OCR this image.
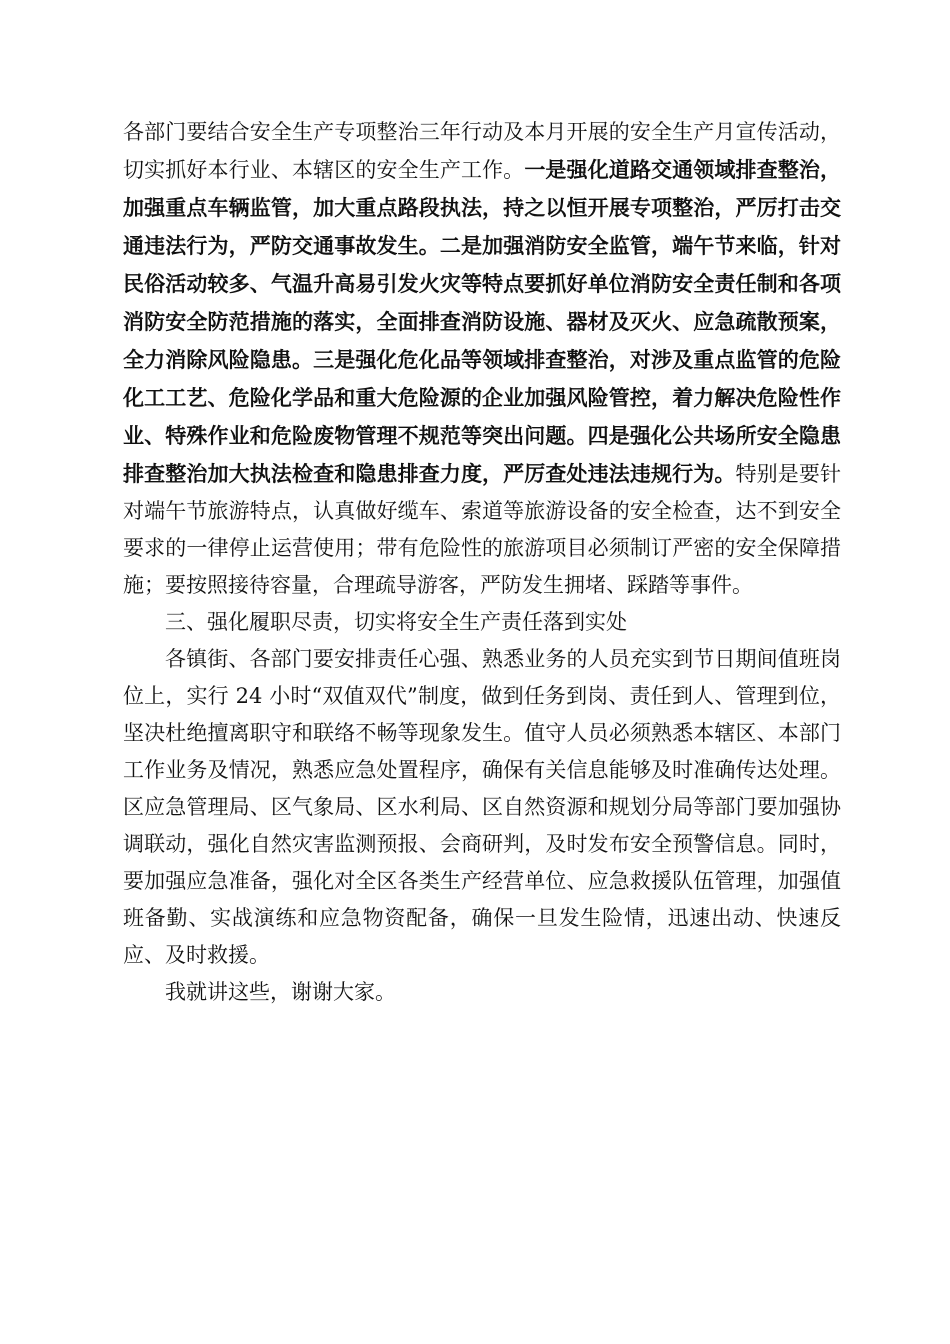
各部门要结合安全生产专项整治三年行动及本月开展的安全生产月宣传活动，切实抓好本行业、本辖区的安全生产工作。一是强化道路交通领域排查整治，加强重点车辆监管，加大重点路段执法，持之以恒开展专项整治，严厉打击交通违法行为，严防交通事故发生。二是加强消防安全监管，端午节来临，针对民俗活动较多、气温升高易引发火灾等特点要抓好单位消防安全责任制和各项消防安全防范措施的落实，全面排查消防设施、器材及灭火、应急疏散预案，全力消除风险隐患。三是强化危化品等领域排查整治，对涉及重点监管的危险化工工艺、危险化学品和重大危险源的企业加强风险管控，着力解决危险性作业、特殊作业和危险废物管理不规范等突出问题。四是强化公共场所安全隐患排查整治加大执法检查和隐患排查力度，严厉查处违法违规行为。特别是要针对端午节旅游特点，认真做好缆车、索道等旅游设备的安全检查，达不到安全要求的一律停止运营使用；带有危险性的旅游项目必须制订严密的安全保障措施；要按照接待容量，合理疏导游客，严防发生拥堵、踩踏等事件。

三、强化履职尽责，切实将安全生产责任落到实处

各镇街、各部门要安排责任心强、熟悉业务的人员充实到节日期间值班岗位上，实行 24 小时“双值双代”制度，做到任务到岗、责任到人、管理到位，坚决杜绝擅离职守和联络不畅等现象发生。值守人员必须熟悉本辖区、本部门工作业务及情况，熟悉应急处置程序，确保有关信息能够及时准确传达处理。区应急管理局、区气象局、区水利局、区自然资源和规划分局等部门要加强协调联动，强化自然灾害监测预报、会商研判，及时发布安全预警信息。同时，要加强应急准备，强化对全区各类生产经营单位、应急救援队伍管理，加强值班备勤、实战演练和应急物资配备，确保一旦发生险情，迅速出动、快速反应、及时救援。

我就讲这些，谢谢大家。
